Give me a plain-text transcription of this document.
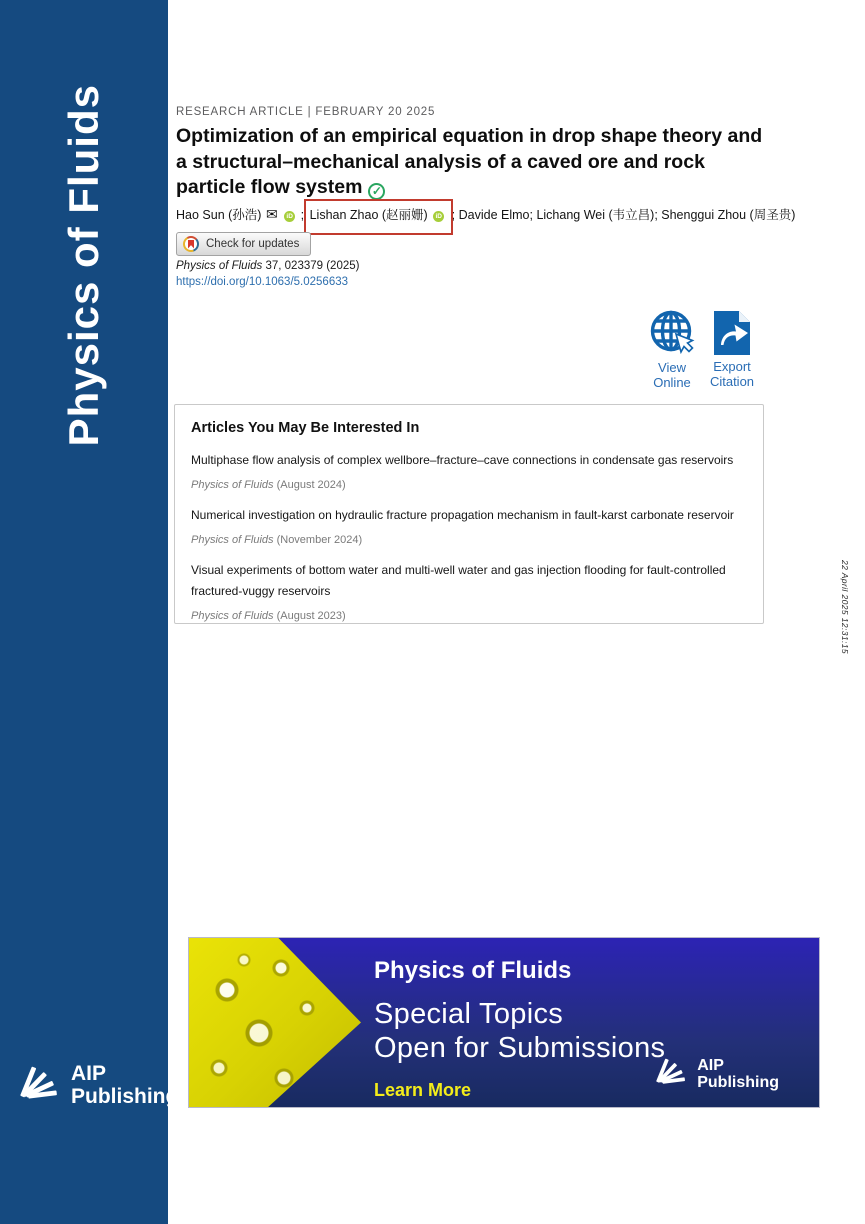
Physics of Fluids
AIP
Publishing
RESEARCH ARTICLE | FEBRUARY 20 2025
Optimization of an empirical equation in drop shape theory and a structural–mechanical analysis of a caved ore and rock particle flow system ✓
Hao Sun (孙浩) ✉ iD ;
Lishan Zhao (赵丽姗) iD ; Davide Elmo; Lichang Wei (韦立昌); Shenggui Zhou (周圣贵)
Check for updates
Physics of Fluids 37, 023379 (2025)
https://doi.org/10.1063/5.0256633
View
Online
Export
Citation
Articles You May Be Interested In
Multiphase flow analysis of complex wellbore–fracture–cave connections in condensate gas reservoirs
Physics of Fluids (August 2024)
Numerical investigation on hydraulic fracture propagation mechanism in fault-karst carbonate reservoir
Physics of Fluids (November 2024)
Visual experiments of bottom water and multi-well water and gas injection flooding for fault-controlled fractured-vuggy reservoirs
Physics of Fluids (August 2023)
Physics of Fluids
Special Topics
Open for Submissions
Learn More
AIP
Publishing
22 April 2025 12:31:15
